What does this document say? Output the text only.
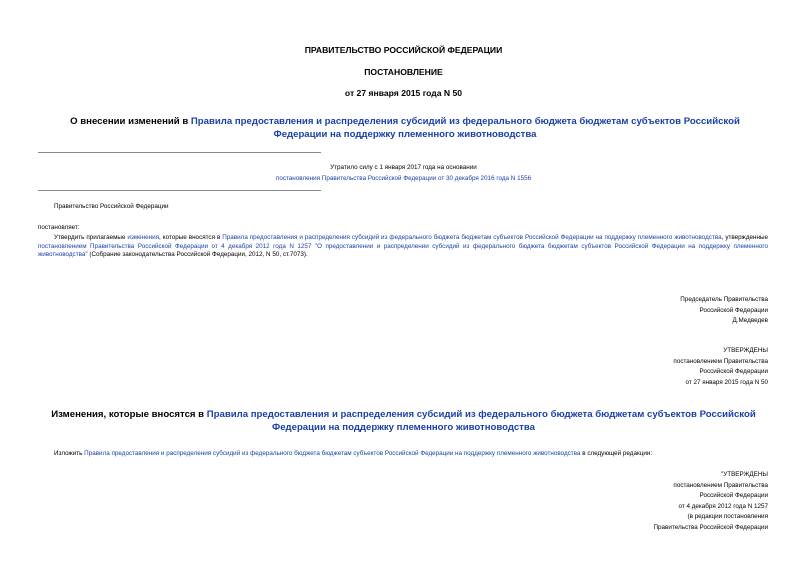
ПРАВИТЕЛЬСТВО РОССИЙСКОЙ ФЕДЕРАЦИИ
ПОСТАНОВЛЕНИЕ
от 27 января 2015 года N 50
О внесении изменений в Правила предоставления и распределения субсидий из федерального бюджета бюджетам субъектов Российской Федерации на поддержку племенного животноводства
Утратило силу с 1 января 2017 года на основании
постановления Правительства Российской Федерации от 30 декабря 2016 года N 1556
Правительство Российской Федерации
постановляет:
Утвердить прилагаемые изменения, которые вносятся в Правила предоставления и распределения субсидий из федерального бюджета бюджетам субъектов Российской Федерации на поддержку племенного животноводства, утвержденные постановлением Правительства Российской Федерации от 4 декабря 2012 года N 1257 "О предоставлении и распределении субсидий из федерального бюджета бюджетам субъектов Российской Федерации на поддержку племенного животноводства" (Собрание законодательства Российской Федерации, 2012, N 50, ст.7073).
Председатель Правительства
Российской Федерации
Д.Медведев
УТВЕРЖДЕНЫ
постановлением Правительства
Российской Федерации
от 27 января 2015 года N 50
Изменения, которые вносятся в Правила предоставления и распределения субсидий из федерального бюджета бюджетам субъектов Российской Федерации на поддержку племенного животноводства
Изложить Правила предоставления и распределения субсидий из федерального бюджета бюджетам субъектов Российской Федерации на поддержку племенного животноводства в следующей редакции:
"УТВЕРЖДЕНЫ
постановлением Правительства
Российской Федерации
от 4 декабря 2012 года N 1257
(в редакции постановления
Правительства Российской Федерации
